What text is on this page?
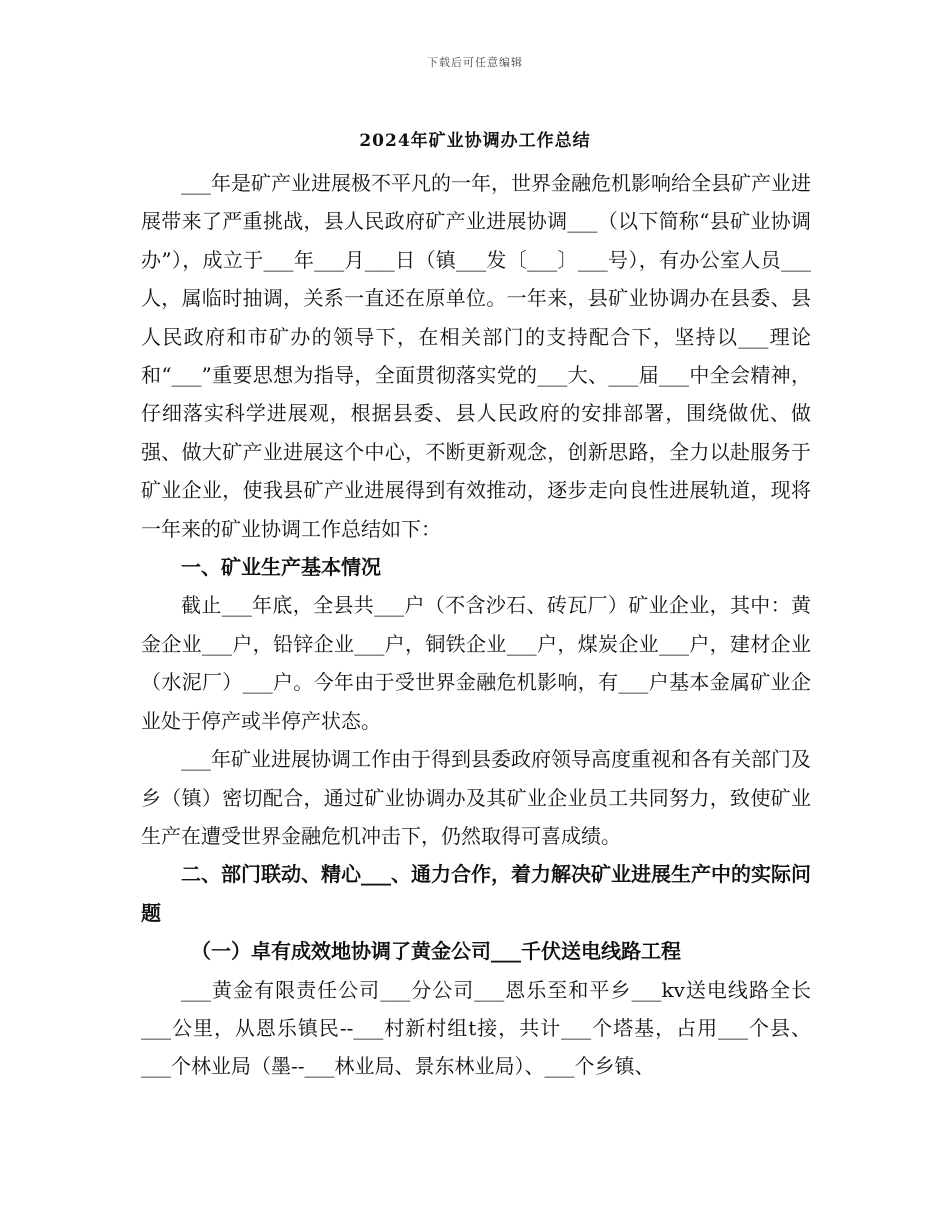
下载后可任意编辑
2024年矿业协调办工作总结

___年是矿产业进展极不平凡的一年，世界金融危机影响给全县矿产业进展带来了严重挑战，县人民政府矿产业进展协调___（以下简称“县矿业协调办”），成立于___年___月___日（镇___发〔___〕___号），有办公室人员___人，属临时抽调，关系一直还在原单位。一年来，县矿业协调办在县委、县人民政府和市矿办的领导下，在相关部门的支持配合下，坚持以___理论和“___”重要思想为指导，全面贯彻落实党的___大、___届___中全会精神，仔细落实科学进展观，根据县委、县人民政府的安排部署，围绕做优、做强、做大矿产业进展这个中心，不断更新观念，创新思路，全力以赴服务于矿业企业，使我县矿产业进展得到有效推动，逐步走向良性进展轨道，现将一年来的矿业协调工作总结如下：

一、矿业生产基本情况

截止___年底，全县共___户（不含沙石、砖瓦厂）矿业企业，其中：黄金企业___户，铅锌企业___户，铜铁企业___户，煤炭企业___户，建材企业（水泥厂）___户。今年由于受世界金融危机影响，有___户基本金属矿业企业处于停产或半停产状态。

___年矿业进展协调工作由于得到县委政府领导高度重视和各有关部门及乡（镇）密切配合，通过矿业协调办及其矿业企业员工共同努力，致使矿业生产在遭受世界金融危机冲击下，仍然取得可喜成绩。

二、部门联动、精心___、通力合作，着力解决矿业进展生产中的实际问题

（一）卓有成效地协调了黄金公司___千伏送电线路工程

___黄金有限责任公司___分公司___恩乐至和平乡___kv送电线路全长___公里，从恩乐镇民--___村新村组t接，共计___个塔基，占用___个县、___个林业局（墨--___林业局、景东林业局）、___个乡镇、
